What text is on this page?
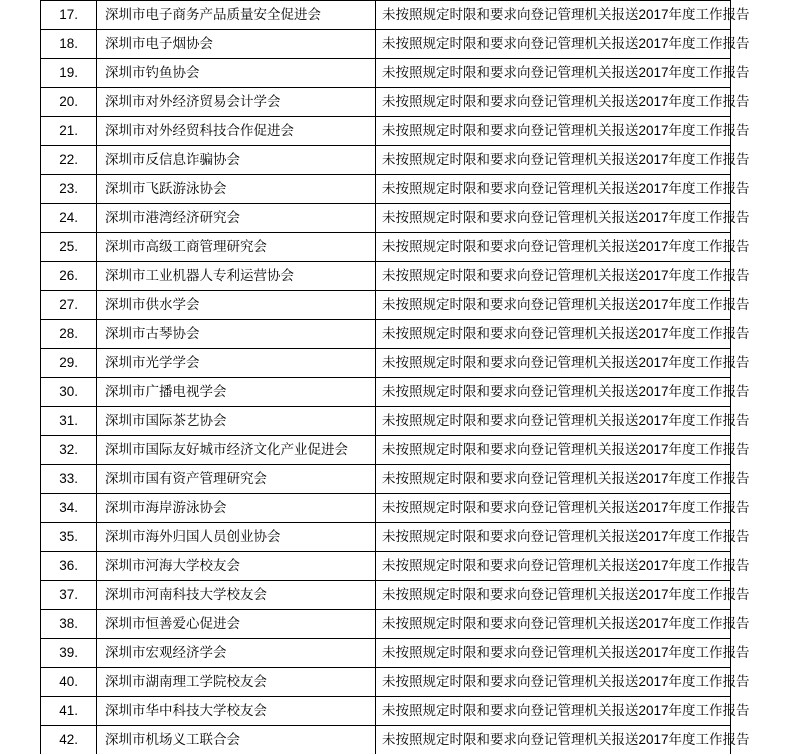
17.	深圳市电子商务产品质量安全促进会	未按照规定时限和要求向登记管理机关报送2017年度工作报告

18.	深圳市电子烟协会	未按照规定时限和要求向登记管理机关报送2017年度工作报告

19.	深圳市钓鱼协会	未按照规定时限和要求向登记管理机关报送2017年度工作报告

20.	深圳市对外经济贸易会计学会	未按照规定时限和要求向登记管理机关报送2017年度工作报告

21.	深圳市对外经贸科技合作促进会	未按照规定时限和要求向登记管理机关报送2017年度工作报告

22.	深圳市反信息诈骗协会	未按照规定时限和要求向登记管理机关报送2017年度工作报告

23.	深圳市飞跃游泳协会	未按照规定时限和要求向登记管理机关报送2017年度工作报告

24.	深圳市港湾经济研究会	未按照规定时限和要求向登记管理机关报送2017年度工作报告

25.	深圳市高级工商管理研究会	未按照规定时限和要求向登记管理机关报送2017年度工作报告

26.	深圳市工业机器人专利运营协会	未按照规定时限和要求向登记管理机关报送2017年度工作报告

27.	深圳市供水学会	未按照规定时限和要求向登记管理机关报送2017年度工作报告

28.	深圳市古琴协会	未按照规定时限和要求向登记管理机关报送2017年度工作报告

29.	深圳市光学学会	未按照规定时限和要求向登记管理机关报送2017年度工作报告

30.	深圳市广播电视学会	未按照规定时限和要求向登记管理机关报送2017年度工作报告

31.	深圳市国际茶艺协会	未按照规定时限和要求向登记管理机关报送2017年度工作报告

32.	深圳市国际友好城市经济文化产业促进会	未按照规定时限和要求向登记管理机关报送2017年度工作报告

33.	深圳市国有资产管理研究会	未按照规定时限和要求向登记管理机关报送2017年度工作报告

34.	深圳市海岸游泳协会	未按照规定时限和要求向登记管理机关报送2017年度工作报告

35.	深圳市海外归国人员创业协会	未按照规定时限和要求向登记管理机关报送2017年度工作报告

36.	深圳市河海大学校友会	未按照规定时限和要求向登记管理机关报送2017年度工作报告

37.	深圳市河南科技大学校友会	未按照规定时限和要求向登记管理机关报送2017年度工作报告

38.	深圳市恒善爱心促进会	未按照规定时限和要求向登记管理机关报送2017年度工作报告

39.	深圳市宏观经济学会	未按照规定时限和要求向登记管理机关报送2017年度工作报告

40.	深圳市湖南理工学院校友会	未按照规定时限和要求向登记管理机关报送2017年度工作报告

41.	深圳市华中科技大学校友会	未按照规定时限和要求向登记管理机关报送2017年度工作报告

42.	深圳市机场义工联合会	未按照规定时限和要求向登记管理机关报送2017年度工作报告
